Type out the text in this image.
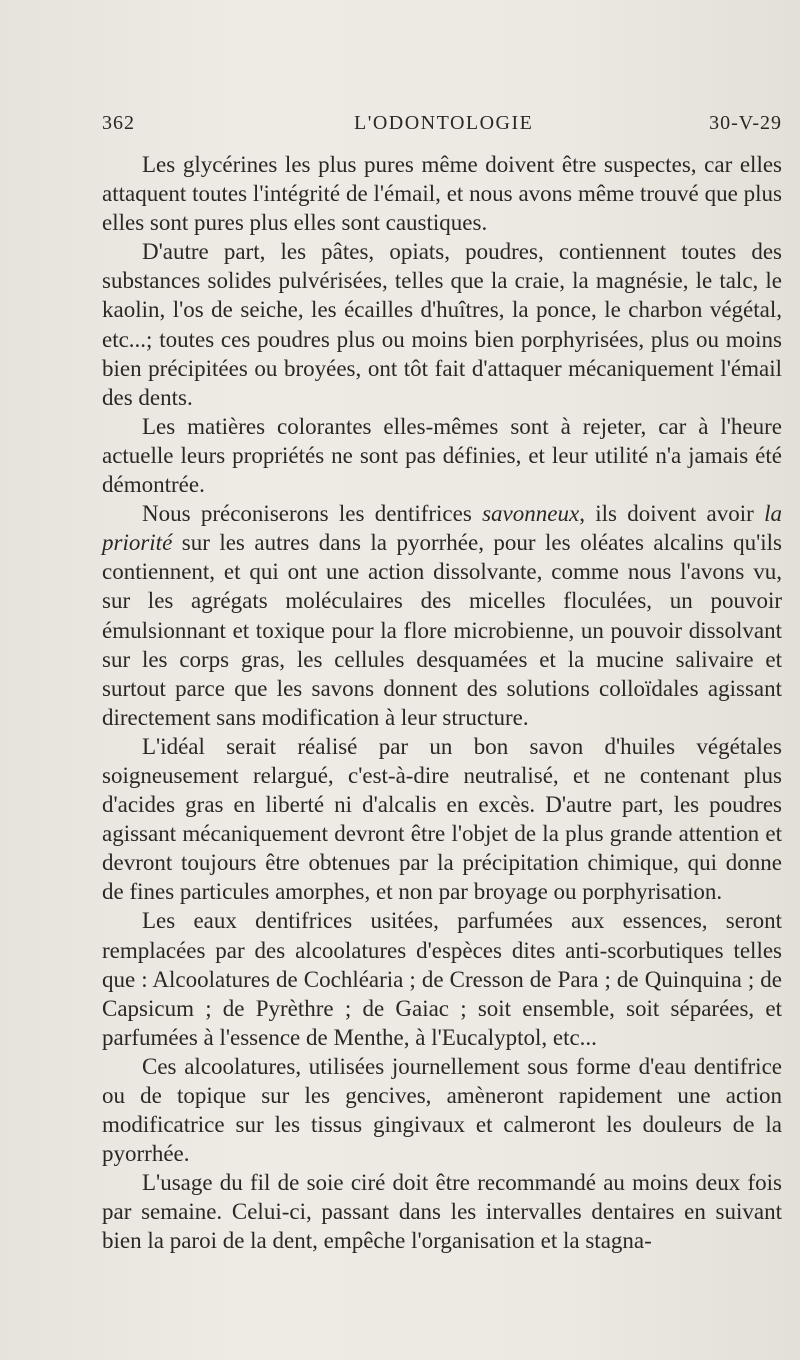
362	L'ODONTOLOGIE	30-V-29

Les glycérines les plus pures même doivent être suspectes, car elles attaquent toutes l'intégrité de l'émail, et nous avons même trouvé que plus elles sont pures plus elles sont caustiques.

D'autre part, les pâtes, opiats, poudres, contiennent toutes des substances solides pulvérisées, telles que la craie, la magnésie, le talc, le kaolin, l'os de seiche, les écailles d'huîtres, la ponce, le charbon végétal, etc...; toutes ces poudres plus ou moins bien porphyrisées, plus ou moins bien précipitées ou broyées, ont tôt fait d'attaquer mécaniquement l'émail des dents.

Les matières colorantes elles-mêmes sont à rejeter, car à l'heure actuelle leurs propriétés ne sont pas définies, et leur utilité n'a jamais été démontrée.

Nous préconiserons les dentifrices savonneux, ils doivent avoir la priorité sur les autres dans la pyorrhée, pour les oléates alcalins qu'ils contiennent, et qui ont une action dissolvante, comme nous l'avons vu, sur les agrégats moléculaires des micelles floculées, un pouvoir émulsionnant et toxique pour la flore microbienne, un pouvoir dissolvant sur les corps gras, les cellules desquamées et la mucine salivaire et surtout parce que les savons donnent des solutions colloïdales agissant directement sans modification à leur structure.

L'idéal serait réalisé par un bon savon d'huiles végétales soigneusement relargué, c'est-à-dire neutralisé, et ne contenant plus d'acides gras en liberté ni d'alcalis en excès. D'autre part, les poudres agissant mécaniquement devront être l'objet de la plus grande attention et devront toujours être obtenues par la précipitation chimique, qui donne de fines particules amorphes, et non par broyage ou porphyrisation.

Les eaux dentifrices usitées, parfumées aux essences, seront remplacées par des alcoolatures d'espèces dites anti-scorbutiques telles que : Alcoolatures de Cochléaria ; de Cresson de Para ; de Quinquina ; de Capsicum ; de Pyrèthre ; de Gaiac ; soit ensemble, soit séparées, et parfumées à l'essence de Menthe, à l'Eucalyptol, etc...

Ces alcoolatures, utilisées journellement sous forme d'eau dentifrice ou de topique sur les gencives, amèneront rapidement une action modificatrice sur les tissus gingivaux et calmeront les douleurs de la pyorrhée.

L'usage du fil de soie ciré doit être recommandé au moins deux fois par semaine. Celui-ci, passant dans les intervalles dentaires en suivant bien la paroi de la dent, empêche l'organisation et la stagna-
